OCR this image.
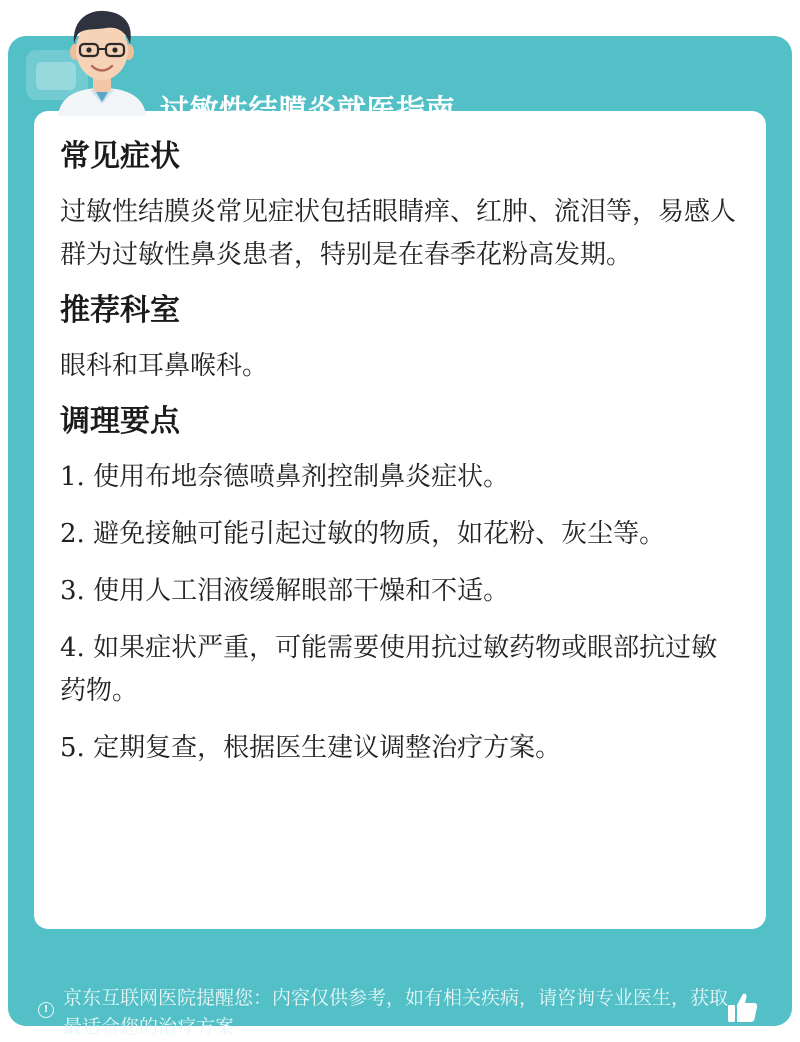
过敏性结膜炎就医指南
!
京东互联网医院提醒您：内容仅供参考，如有相关疾病，请咨询专业医生，获取最适合您的治疗方案
常见症状
过敏性结膜炎常见症状包括眼睛痒、红肿、流泪等，易感人群为过敏性鼻炎患者，特别是在春季花粉高发期。
推荐科室
眼科和耳鼻喉科。
调理要点
1. 使用布地奈德喷鼻剂控制鼻炎症状。
2. 避免接触可能引起过敏的物质，如花粉、灰尘等。
3. 使用人工泪液缓解眼部干燥和不适。
4. 如果症状严重，可能需要使用抗过敏药物或眼部抗过敏药物。
5. 定期复查，根据医生建议调整治疗方案。
